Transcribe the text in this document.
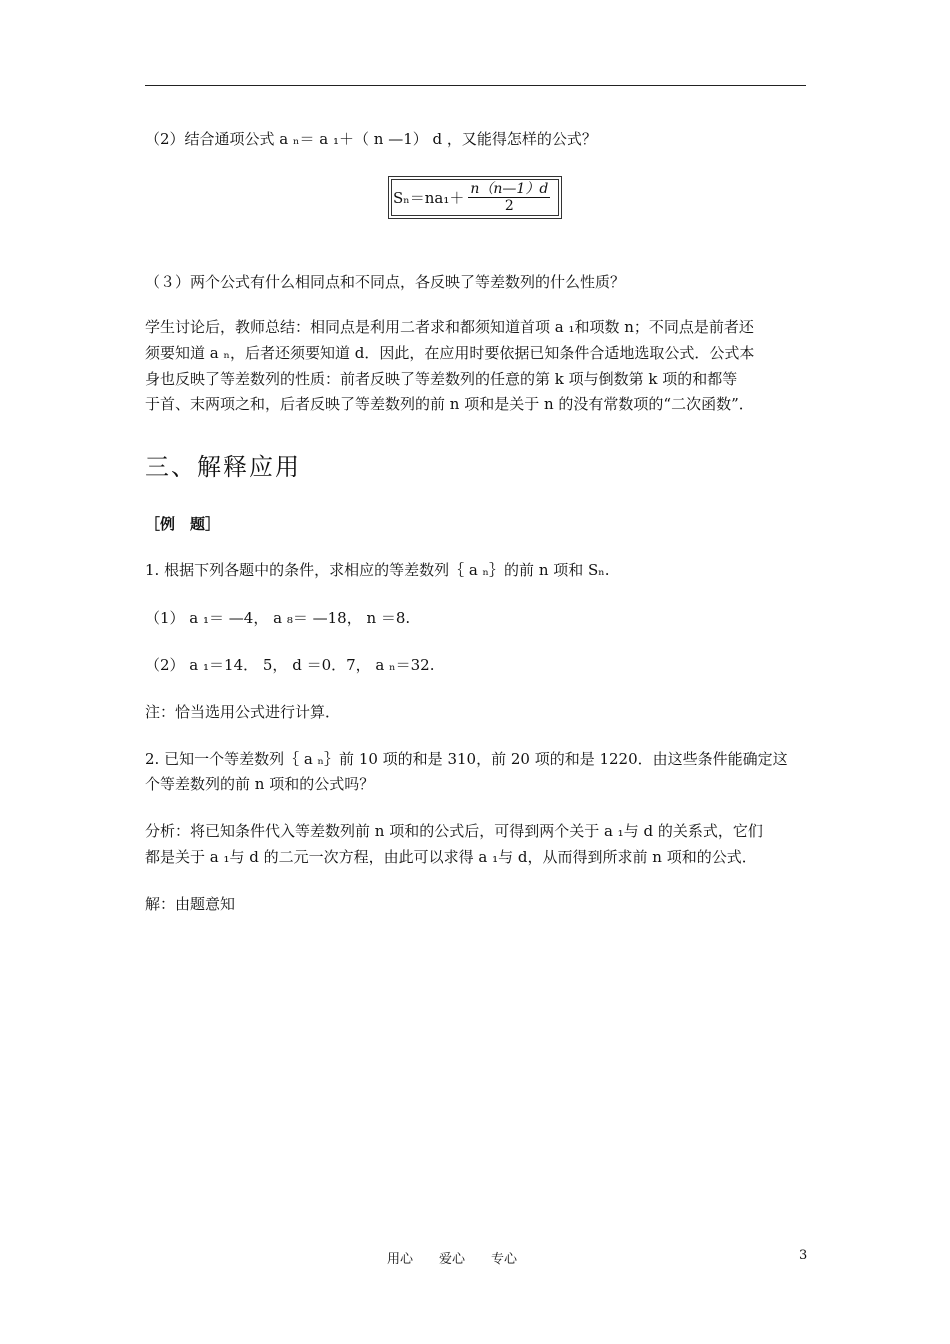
（2）结合通项公式 a ₙ＝ a ₁＋（ n —1） d ，又能得怎样的公式？
$S_n=na_1+ \frac{n(n—1)d}{2}$
（３）两个公式有什么相同点和不同点，各反映了等差数列的什么性质？
学生讨论后，教师总结：相同点是利用二者求和都须知道首项 a ₁和项数 n；不同点是前者还
须要知道 a ₙ，后者还须要知道 d．因此，在应用时要依据已知条件合适地选取公式．公式本
身也反映了等差数列的性质：前者反映了等差数列的任意的第 k 项与倒数第 k 项的和都等
于首、末两项之和，后者反映了等差数列的前 n 项和是关于 n 的没有常数项的“二次函数”．
三、解释应用
［例　题］
1. 根据下列各题中的条件，求相应的等差数列｛ a ₙ｝的前 n 项和 Sₙ.
（1） a ₁＝ —4， a ₈＝ —18， n ＝8.
（2） a ₁＝14． 5， d ＝0．7， a ₙ＝32.
注：恰当选用公式进行计算．
2. 已知一个等差数列｛ a ₙ｝前 10 项的和是 310，前 20 项的和是 1220．由这些条件能确定这
个等差数列的前 n 项和的公式吗？
分析：将已知条件代入等差数列前 n 项和的公式后，可得到两个关于 a ₁与 d 的关系式，它们
都是关于 a ₁与 d 的二元一次方程，由此可以求得 a ₁与 d，从而得到所求前 n 项和的公式．
解：由题意知
用心　　爱心　　专心	3
